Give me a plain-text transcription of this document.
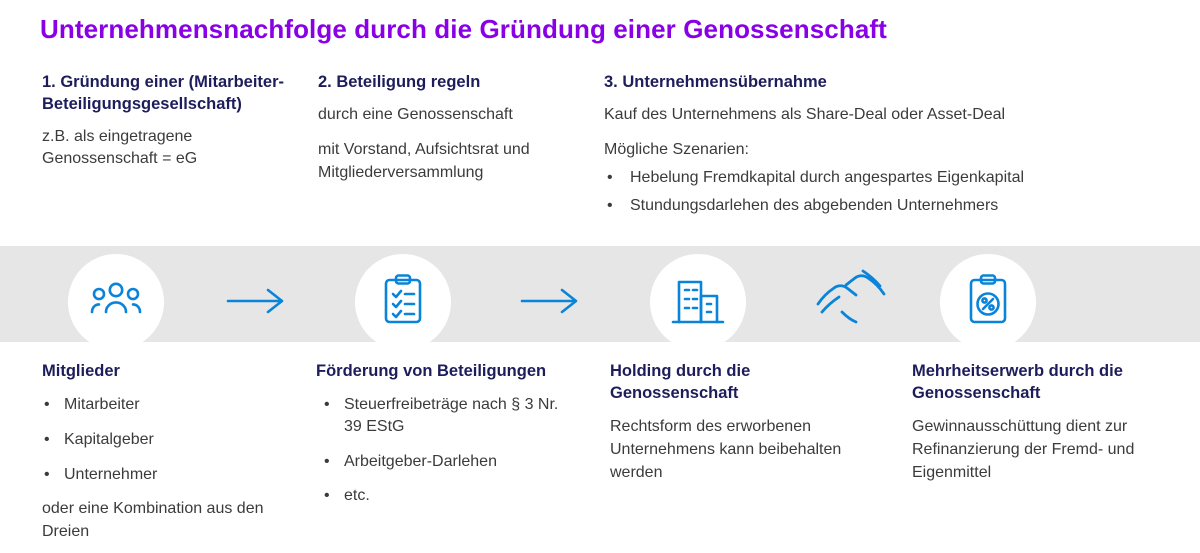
Unternehmensnachfolge durch die Gründung einer Genossenschaft
1. Gründung einer (Mitarbeiter-Beteiligungsgesellschaft)

z.B. als eingetragene Genossenschaft = eG

2. Beteiligung regeln

durch eine Genossenschaft

mit Vorstand, Aufsichtsrat und Mitgliederversammlung

3. Unternehmensübernahme

Kauf des Unternehmens als Share-Deal oder Asset-Deal

Mögliche Szenarien:

• Hebelung Fremdkapital durch angespartes Eigenkapital
• Stundungsdarlehen des abgebenden Unternehmers
Mitglieder
• Mitarbeiter
• Kapitalgeber
• Unternehmer

oder eine Kombination aus den Dreien

Förderung von Beteiligungen
• Steuerfreibeträge nach § 3 Nr. 39 EStG
• Arbeitgeber-Darlehen
• etc.
Holding durch die Genossenschaft

Rechtsform des erworbenen Unternehmens kann beibehalten werden

Mehrheitserwerb durch die Genossenschaft

Gewinnausschüttung dient zur Refinanzierung der Fremd- und Eigenmittel
